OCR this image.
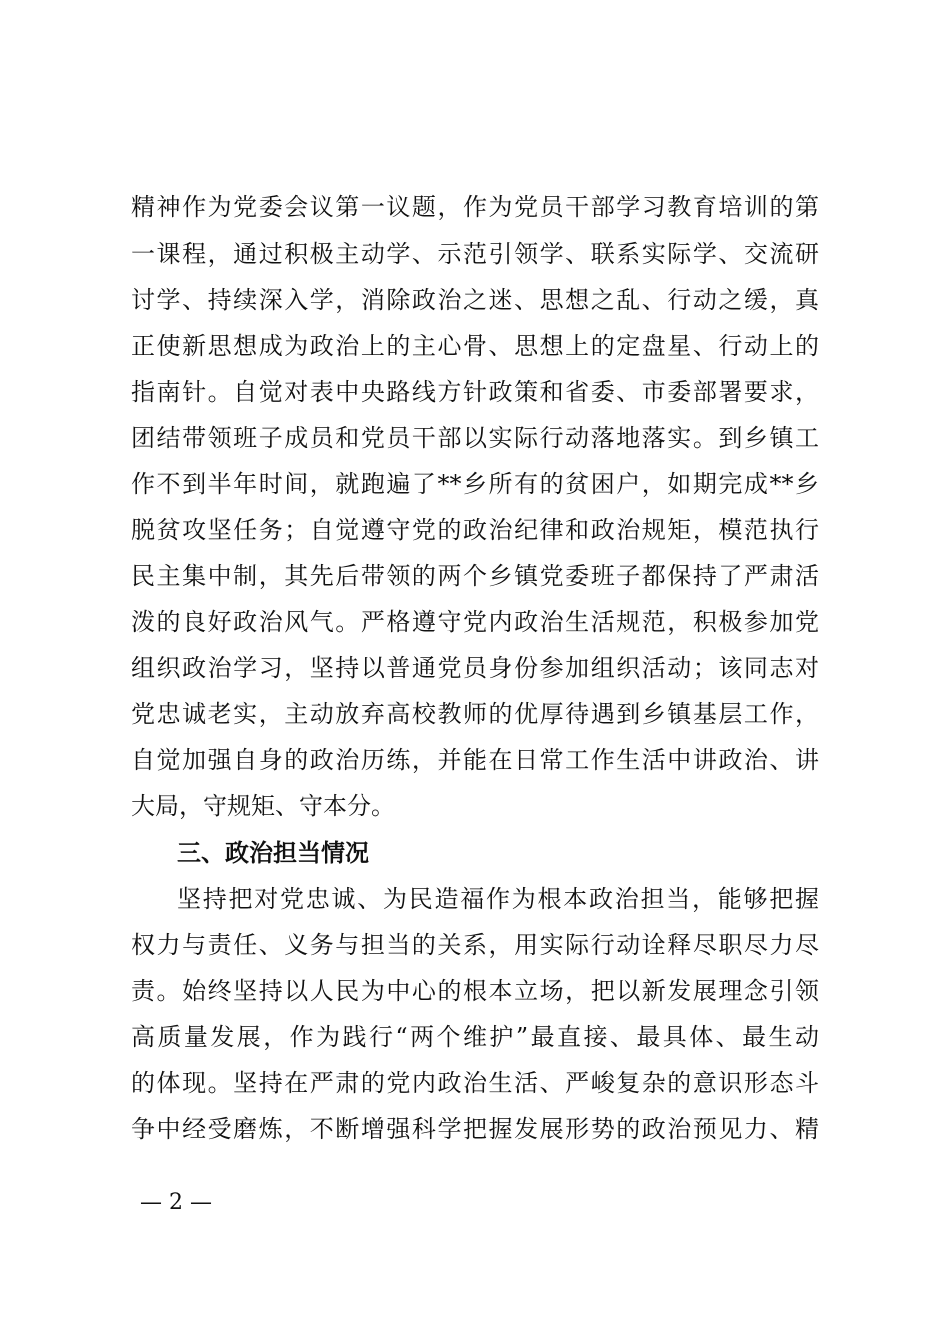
精神作为党委会议第一议题，作为党员干部学习教育培训的第
一课程，通过积极主动学、示范引领学、联系实际学、交流研
讨学、持续深入学，消除政治之迷、思想之乱、行动之缓，真
正使新思想成为政治上的主心骨、思想上的定盘星、行动上的
指南针。自觉对表中央路线方针政策和省委、市委部署要求，
团结带领班子成员和党员干部以实际行动落地落实。到乡镇工
作不到半年时间，就跑遍了**乡所有的贫困户，如期完成**乡
脱贫攻坚任务；自觉遵守党的政治纪律和政治规矩，模范执行
民主集中制，其先后带领的两个乡镇党委班子都保持了严肃活
泼的良好政治风气。严格遵守党内政治生活规范，积极参加党
组织政治学习，坚持以普通党员身份参加组织活动；该同志对
党忠诚老实，主动放弃高校教师的优厚待遇到乡镇基层工作，
自觉加强自身的政治历练，并能在日常工作生活中讲政治、讲
大局，守规矩、守本分。
三、政治担当情况
坚持把对党忠诚、为民造福作为根本政治担当，能够把握
权力与责任、义务与担当的关系，用实际行动诠释尽职尽力尽
责。始终坚持以人民为中心的根本立场，把以新发展理念引领
高质量发展，作为践行“两个维护”最直接、最具体、最生动
的体现。坚持在严肃的党内政治生活、严峻复杂的意识形态斗
争中经受磨炼，不断增强科学把握发展形势的政治预见力、精
— 2 —
